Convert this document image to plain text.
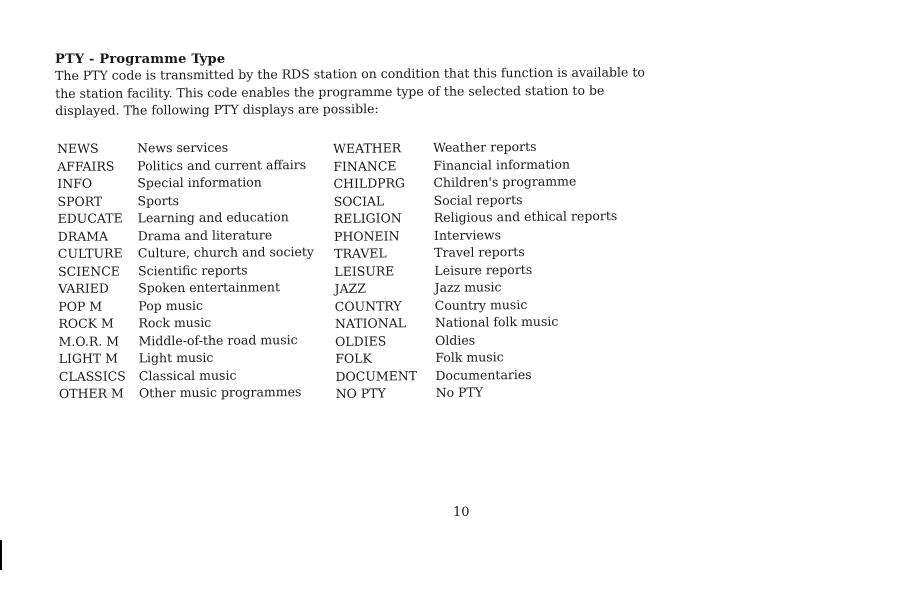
PTY - Programme Type

The PTY code is transmitted by the RDS station on condition that this function is available to the station facility. This code enables the programme type of the selected station to be displayed. The following PTY displays are possible:

NEWS	News services
AFFAIRS Politics and current affairs
INFO	Special information
SPORT	Sports
EDUCATE Learning and education
DRAMA Drama and literature
CULTURE Culture, church and society
SCIENCE Scientific reports
VARIED Spoken entertainment
POP M	Pop music
ROCK M Rock music
M.O.R. M Middle-of-the road music
LIGHT M Light music
CLASSICS Classical music
OTHER M Other music programmes
WEATHER	Weather reports
FINANCE	Financial information
CHILDPRG Children's programme
SOCIAL	Social reports
RELIGION	Religious and ethical reports
PHONEIN	Interviews
TRAVEL	Travel reports
LEISURE	Leisure reports
JAZZ	Jazz music
COUNTRY	Country music
NATIONAL National folk music
OLDIES	Oldies
FOLK	Folk music
DOCUMENT Documentaries
NO PTY	No PTY
10
